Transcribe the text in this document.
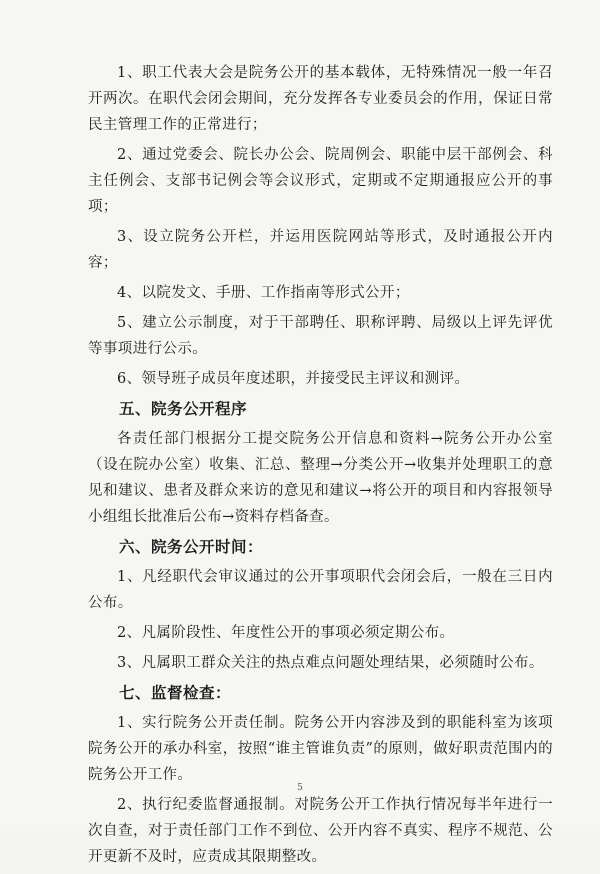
1、职工代表大会是院务公开的基本载体，无特殊情况一般一年召开两次。在职代会闭会期间，充分发挥各专业委员会的作用，保证日常民主管理工作的正常进行；

2、通过党委会、院长办公会、院周例会、职能中层干部例会、科主任例会、支部书记例会等会议形式，定期或不定期通报应公开的事项；

3、设立院务公开栏，并运用医院网站等形式，及时通报公开内容；

4、以院发文、手册、工作指南等形式公开；

5、建立公示制度，对于干部聘任、职称评聘、局级以上评先评优等事项进行公示。

6、领导班子成员年度述职，并接受民主评议和测评。

五、院务公开程序

各责任部门根据分工提交院务公开信息和资料→院务公开办公室（设在院办公室）收集、汇总、整理→分类公开→收集并处理职工的意见和建议、患者及群众来访的意见和建议→将公开的项目和内容报领导小组组长批准后公布→资料存档备查。

六、院务公开时间：

1、凡经职代会审议通过的公开事项职代会闭会后，一般在三日内公布。

2、凡属阶段性、年度性公开的事项必须定期公布。

3、凡属职工群众关注的热点难点问题处理结果，必须随时公布。

七、监督检查：

1、实行院务公开责任制。院务公开内容涉及到的职能科室为该项院务公开的承办科室，按照“谁主管谁负责”的原则，做好职责范围内的院务公开工作。

2、执行纪委监督通报制。对院务公开工作执行情况每半年进行一次自查，对于责任部门工作不到位、公开内容不真实、程序不规范、公开更新不及时，应责成其限期整改。

5
